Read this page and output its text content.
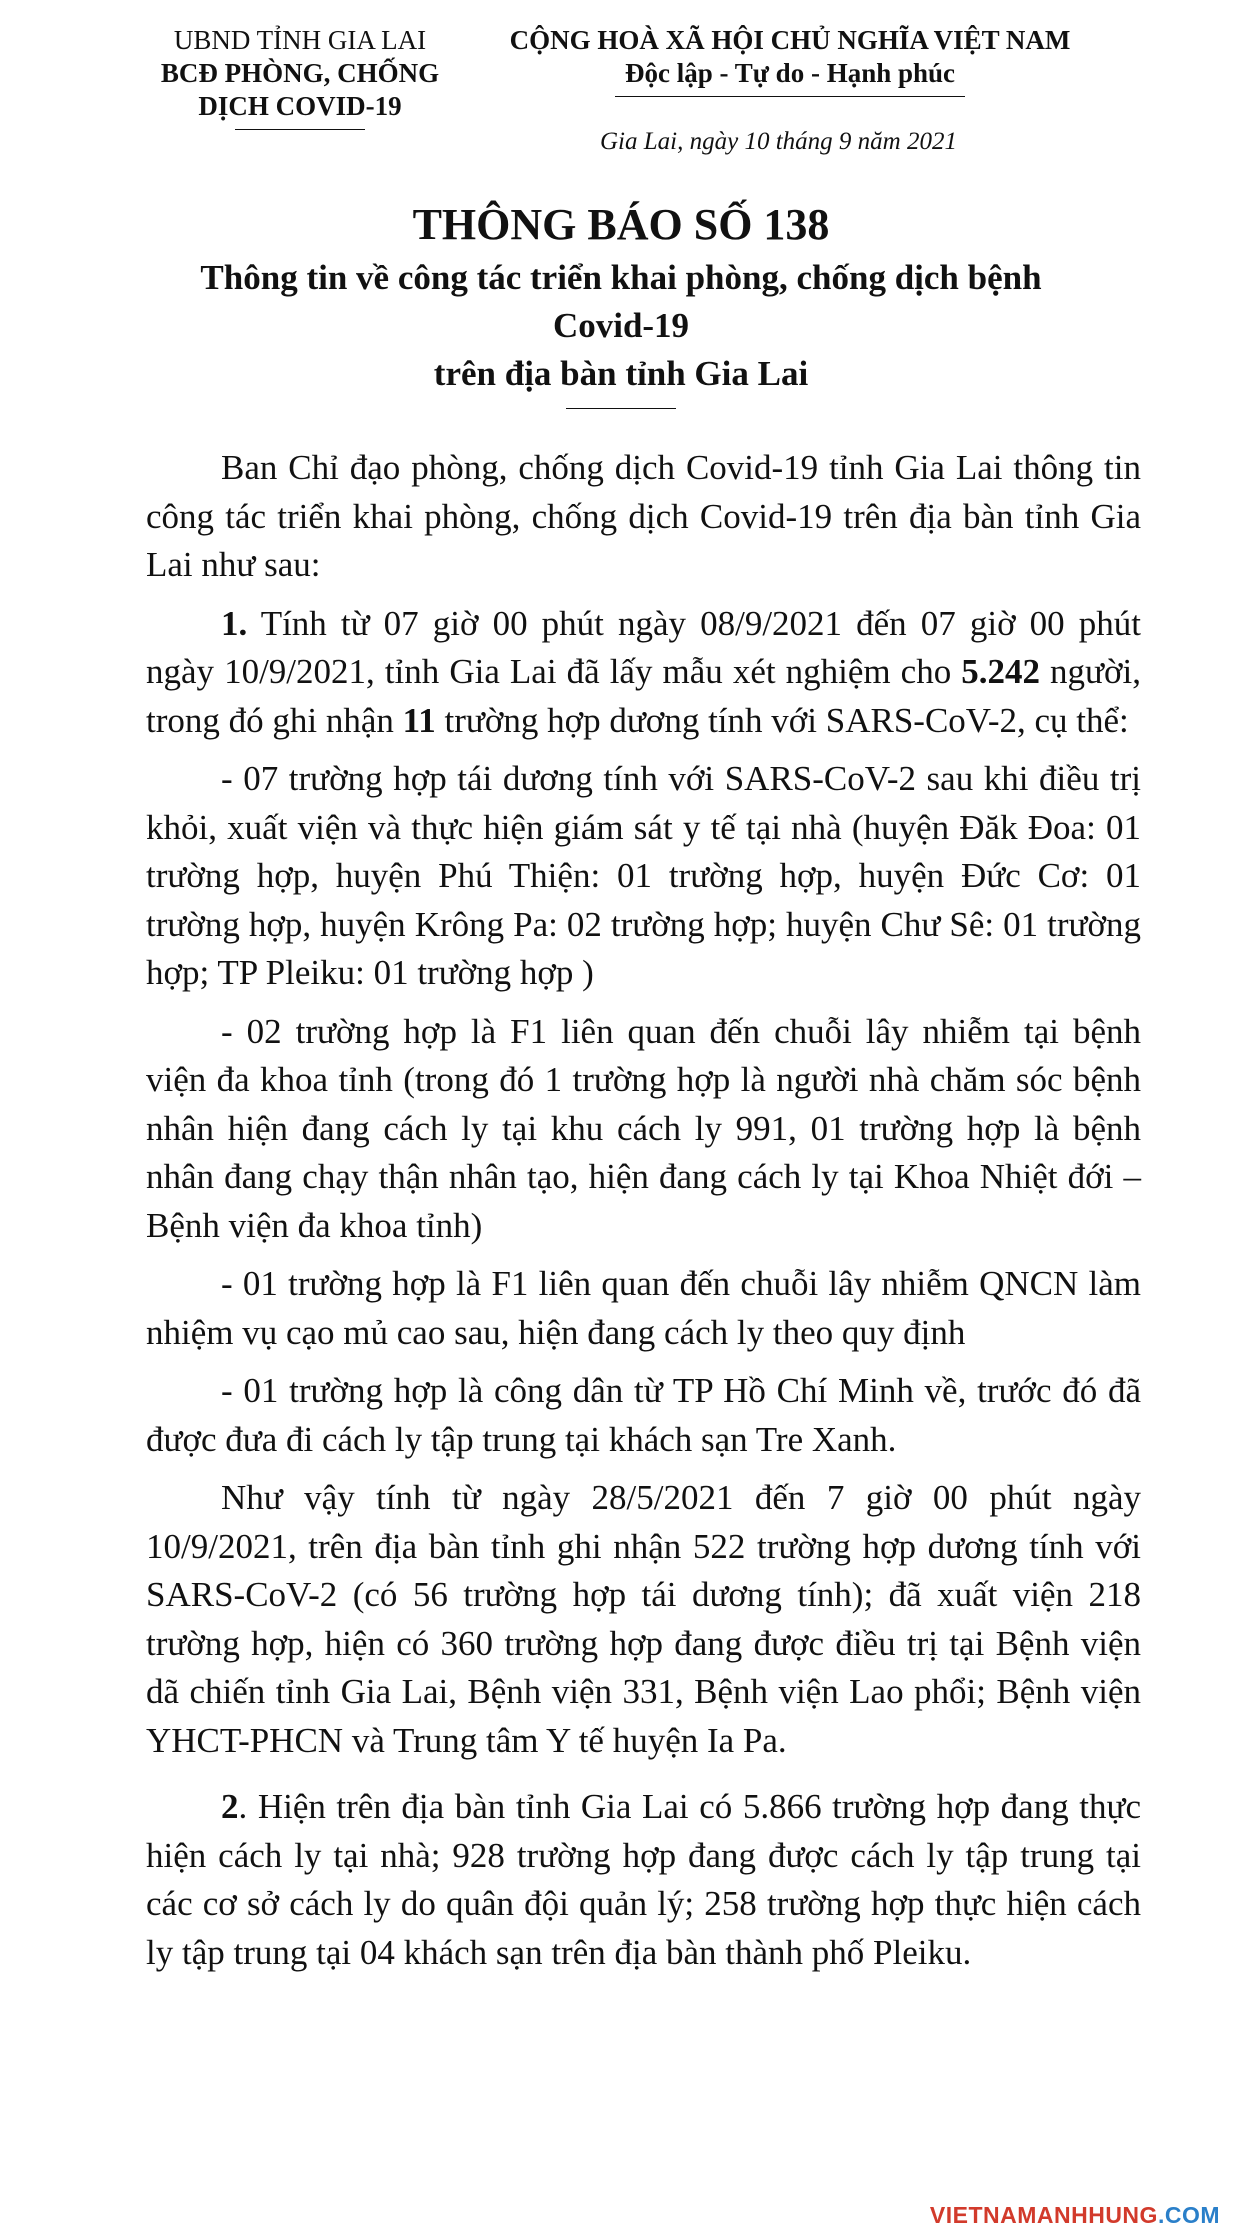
UBND TỈNH GIA LAI
BCĐ PHÒNG, CHỐNG
DỊCH COVID-19
CỘNG HOÀ XÃ HỘI CHỦ NGHĨA VIỆT NAM
Độc lập - Tự do - Hạnh phúc
Gia Lai, ngày 10 tháng 9 năm 2021
THÔNG BÁO SỐ 138
Thông tin về công tác triển khai phòng, chống dịch bệnh
Covid-19
trên địa bàn tỉnh Gia Lai

Ban Chỉ đạo phòng, chống dịch Covid-19 tỉnh Gia Lai thông tin công tác triển khai phòng, chống dịch Covid-19 trên địa bàn tỉnh Gia Lai như sau:

1. Tính từ 07 giờ 00 phút ngày 08/9/2021 đến 07 giờ 00 phút ngày 10/9/2021, tỉnh Gia Lai đã lấy mẫu xét nghiệm cho 5.242 người, trong đó ghi nhận 11 trường hợp dương tính với SARS-CoV-2, cụ thể:

- 07 trường hợp tái dương tính với SARS-CoV-2 sau khi điều trị khỏi, xuất viện và thực hiện giám sát y tế tại nhà (huyện Đăk Đoa: 01 trường hợp, huyện Phú Thiện: 01 trường hợp, huyện Đức Cơ: 01 trường hợp, huyện Krông Pa: 02 trường hợp; huyện Chư Sê: 01 trường hợp; TP Pleiku: 01 trường hợp )

- 02 trường hợp là F1 liên quan đến chuỗi lây nhiễm tại bệnh viện đa khoa tỉnh (trong đó 1 trường hợp là người nhà chăm sóc bệnh nhân hiện đang cách ly tại khu cách ly 991, 01 trường hợp là bệnh nhân đang chạy thận nhân tạo, hiện đang cách ly tại Khoa Nhiệt đới – Bệnh viện đa khoa tỉnh)

- 01 trường hợp là F1 liên quan đến chuỗi lây nhiễm QNCN làm nhiệm vụ cạo mủ cao sau, hiện đang cách ly theo quy định

- 01 trường hợp là công dân từ TP Hồ Chí Minh về, trước đó đã được đưa đi cách ly tập trung tại khách sạn Tre Xanh.

Như vậy tính từ ngày 28/5/2021 đến 7 giờ 00 phút ngày 10/9/2021, trên địa bàn tỉnh ghi nhận 522 trường hợp dương tính với SARS-CoV-2 (có 56 trường hợp tái dương tính); đã xuất viện 218 trường hợp, hiện có 360 trường hợp đang được điều trị tại Bệnh viện dã chiến tỉnh Gia Lai, Bệnh viện 331, Bệnh viện Lao phổi; Bệnh viện YHCT-PHCN và Trung tâm Y tế huyện Ia Pa.

2. Hiện trên địa bàn tỉnh Gia Lai có 5.866 trường hợp đang thực hiện cách ly tại nhà; 928 trường hợp đang được cách ly tập trung tại các cơ sở cách ly do quân đội quản lý; 258 trường hợp thực hiện cách ly tập trung tại 04 khách sạn trên địa bàn thành phố Pleiku.

VIETNAMANHHUNG.COM
